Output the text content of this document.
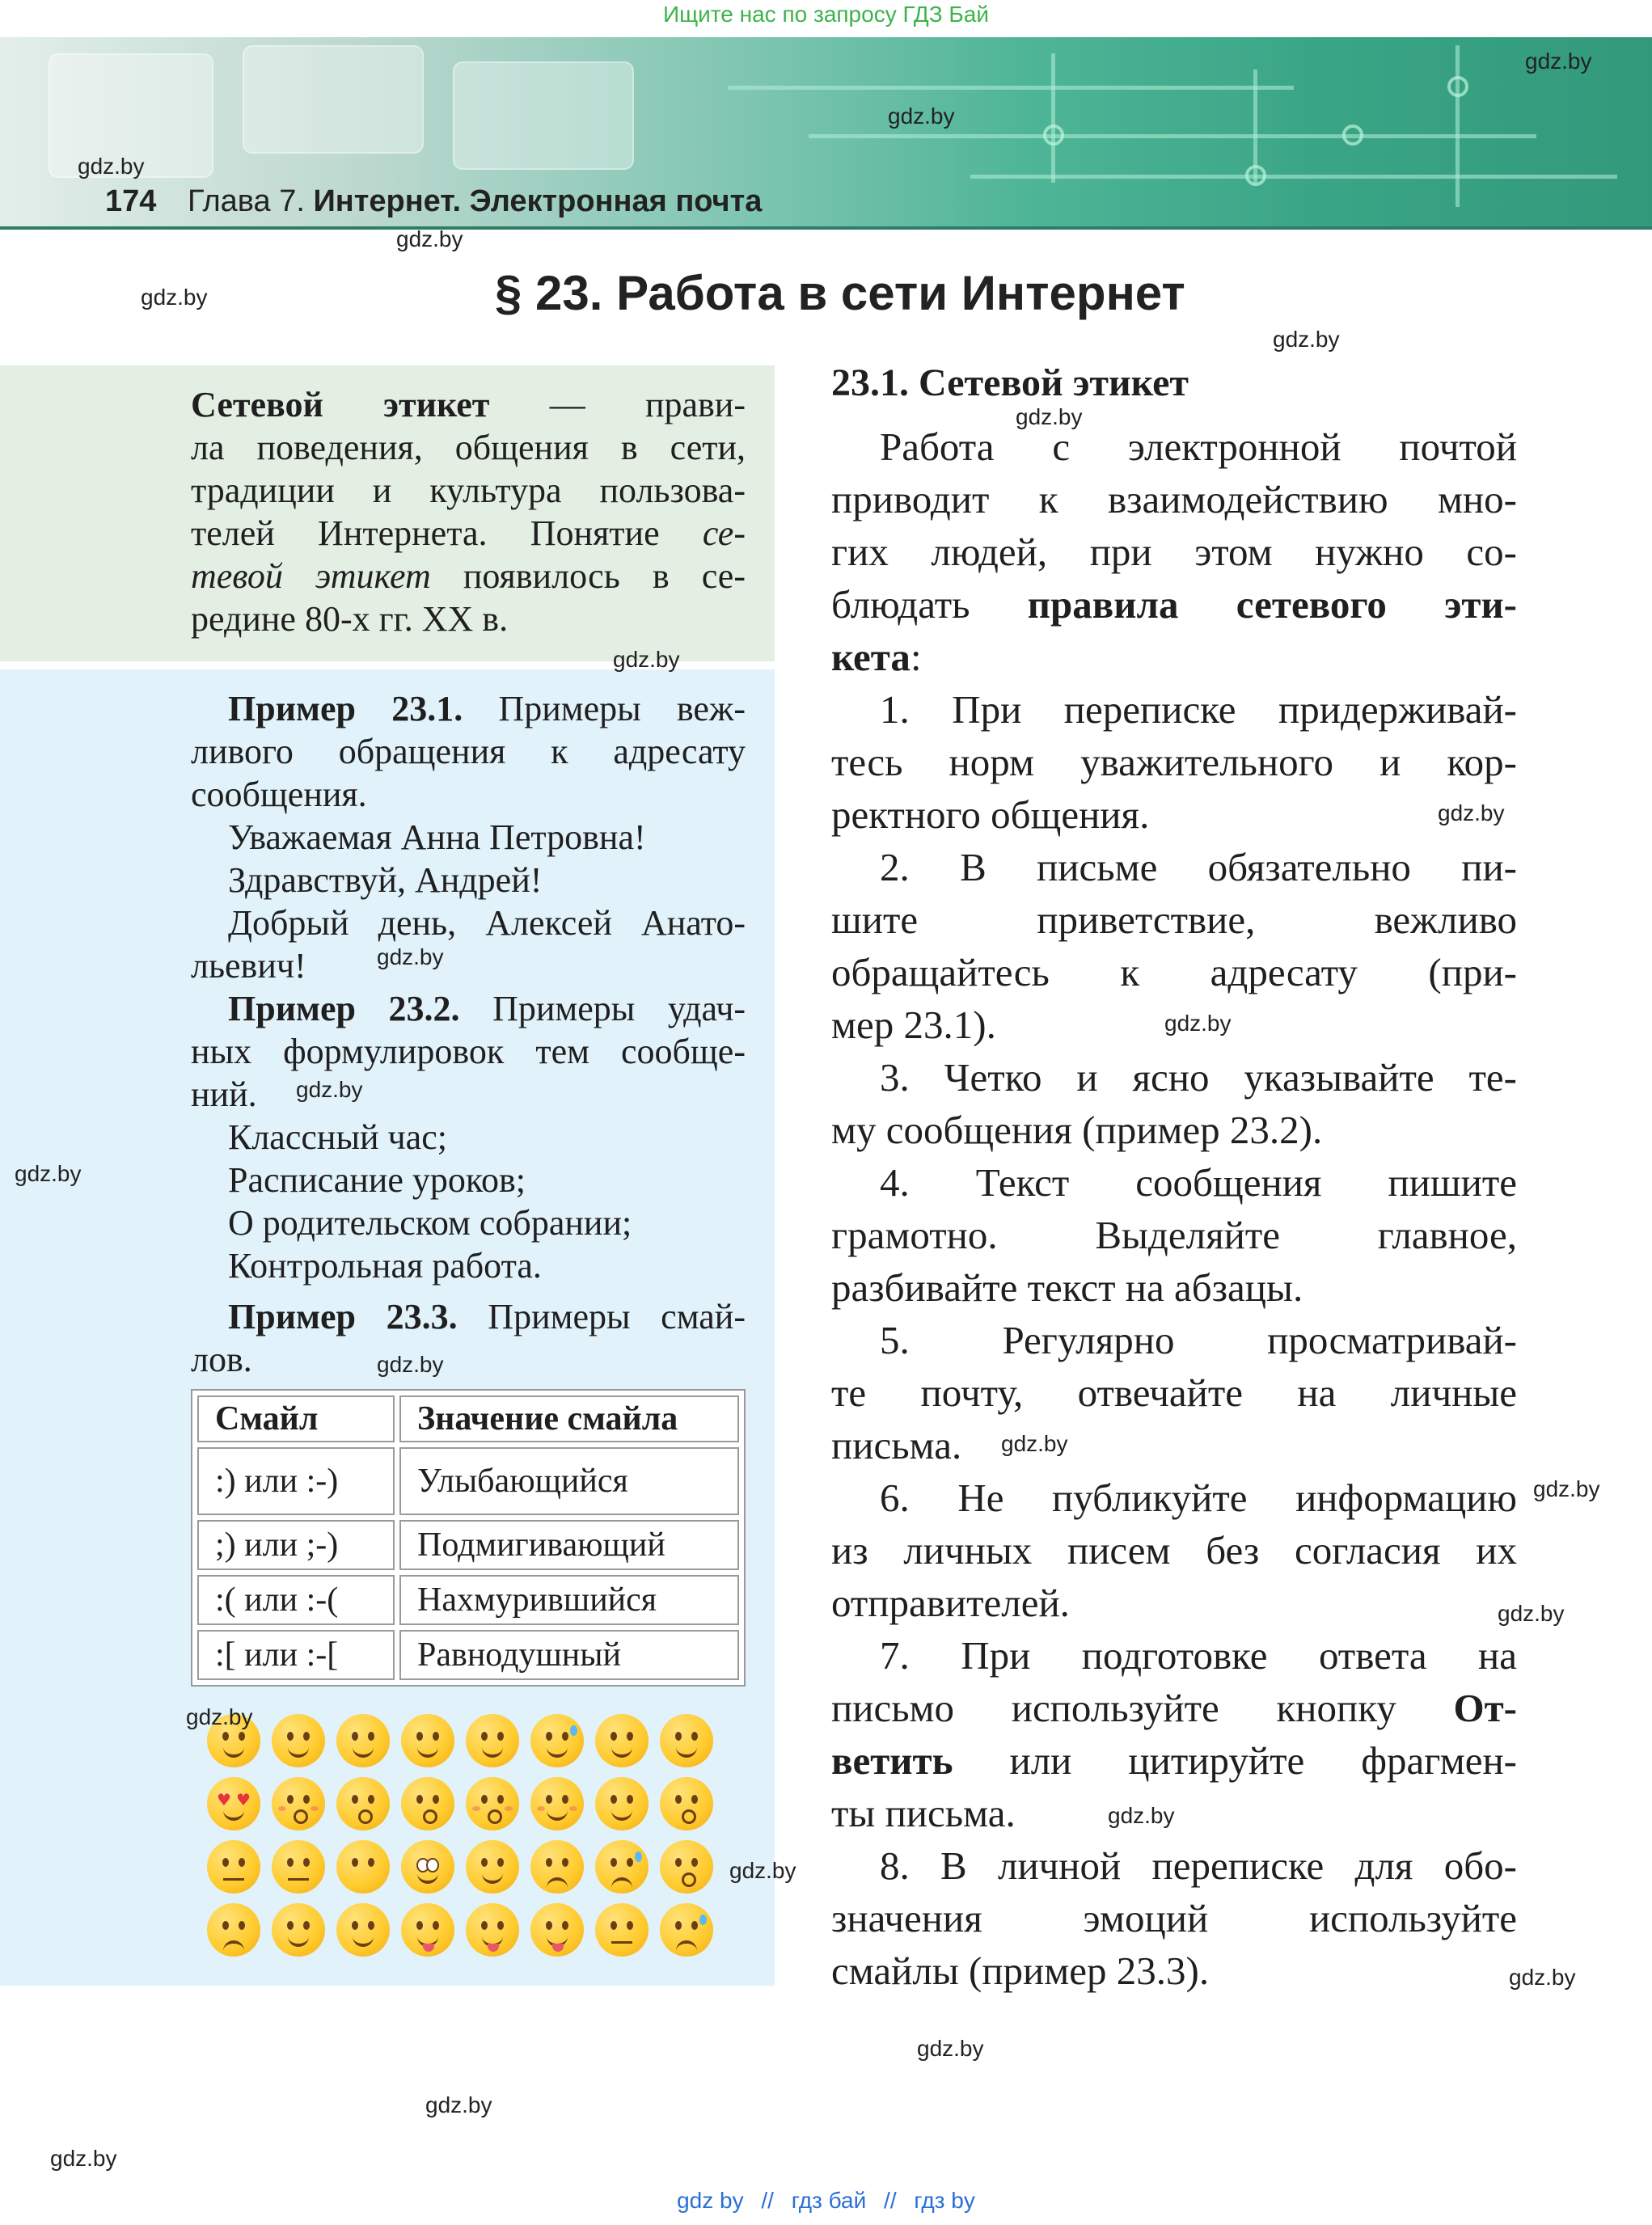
Ищите нас по запросу ГДЗ Бай
174 Глава 7. Интернет. Электронная почта
§ 23. Работа в сети Интернет
Сетевой этикет — прави-
ла поведения, общения в сети,
традиции и культура пользова-
телей Интернета. Понятие се-
тевой этикет появилось в се-
редине 80-х гг. XX в.
Пример 23.1. Примеры веж-
ливого обращения к адресату
сообщения.
Уважаемая Анна Петровна!
Здравствуй, Андрей!
Добрый день, Алексей Анато-
льевич!
Пример 23.2. Примеры удач-
ных формулировок тем сообще-
ний.
Классный час;
Расписание уроков;
О родительском собрании;
Контрольная работа.
Пример 23.3. Примеры смай-
лов.
Смайл	Значение смайла
:) или :-)	Улыбающийся
;) или ;-)	Подмигивающий
:( или :-(	Нахмурившийся
:[ или :-[	Равнодушный
♥ ♥
23.1. Сетевой этикет
Работа с электронной почтой
приводит к взаимодействию мно-
гих людей, при этом нужно со-
блюдать правила сетевого эти-
кета:
1. При переписке придерживай-
тесь норм уважительного и кор-
ректного общения.
2. В письме обязательно пи-
шите приветствие, вежливо
обращайтесь к адресату (при-
мер 23.1).
3. Четко и ясно указывайте те-
му сообщения (пример 23.2).
4. Текст сообщения пишите
грамотно. Выделяйте главное,
разбивайте текст на абзацы.
5. Регулярно просматривай-
те почту, отвечайте на личные
письма.
6. Не публикуйте информацию
из личных писем без согласия их
отправителей.
7. При подготовке ответа на
письмо используйте кнопку От-
ветить или цитируйте фрагмен-
ты письма.
8. В личной переписке для обо-
значения эмоций используйте
смайлы (пример 23.3).
gdz.by
gdz.by
gdz.by
gdz.by
gdz.by
gdz.by
gdz.by
gdz.by
gdz.by
gdz.by
gdz.by
gdz.by
gdz.by
gdz.by
gdz.by
gdz.by
gdz.by
gdz.by
gdz.by
gdz.by
gdz.by
gdz.by
gdz.by
gdz.by
gdz by // гдз бай // гдз by
